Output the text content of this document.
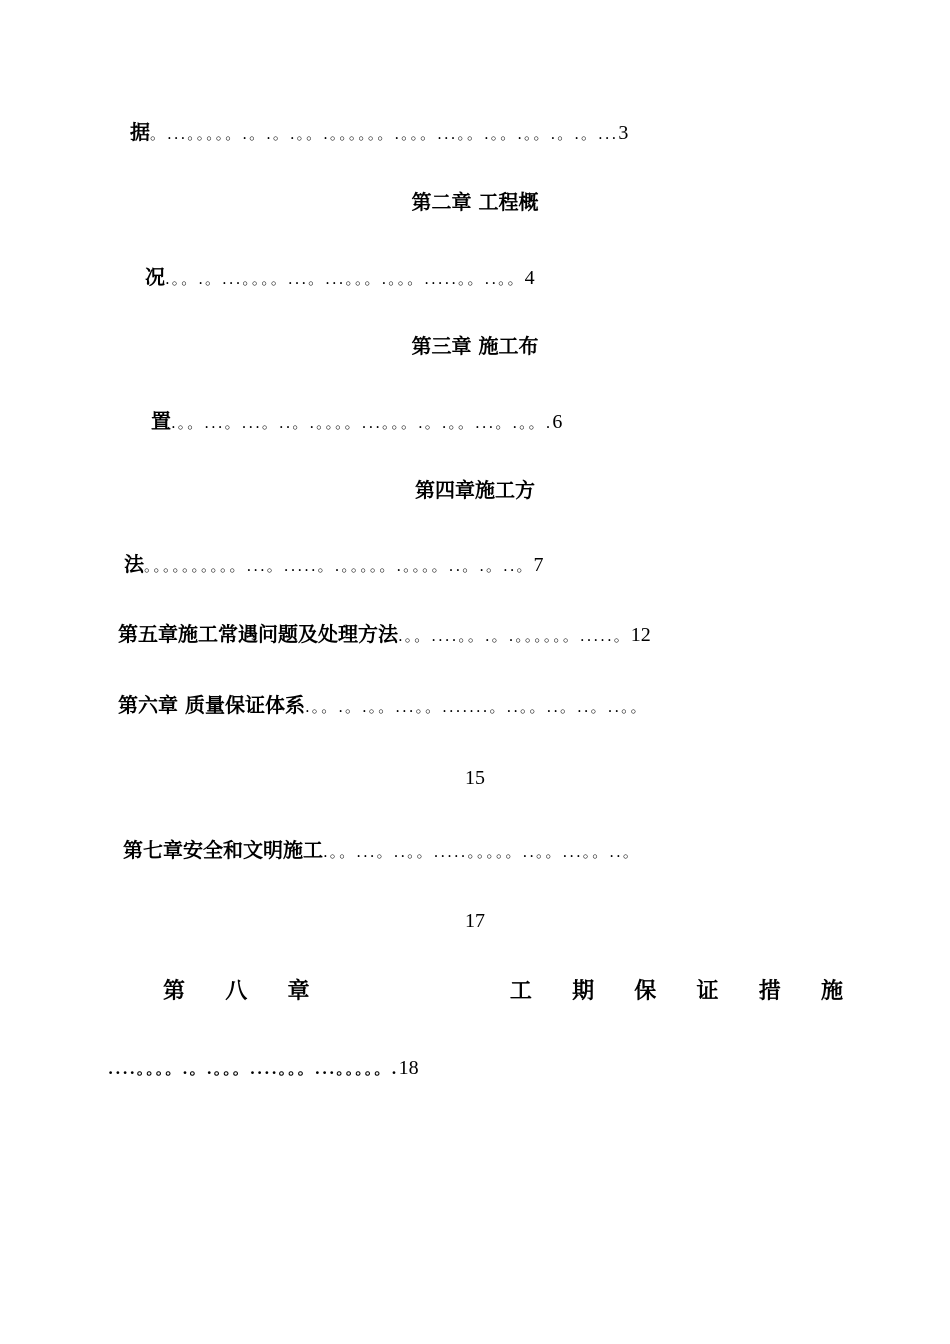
据。...。。。。。.。.。.。。.。。。。。。.。。。...。。.。。.。。.。.。...3
第二章 工程概
况.。。.。...。。。。...。...。。。.。。。.....。。..。。4
第三章 施工布
置.。。...。...。..。.。。。。...。。。.。.。。...。.。。.6
第四章施工方
法。。。。。。。。。。...。.....。.。。。。。.。。。。..。.。..。7
第五章施工常遇问题及处理方法.。。....。。.。.。。。。。。.....。12
第六章 质量保证体系.。。.。.。。...。。.......。..。。..。..。..。。
15
第七章安全和文明施工.。。...。..。。.....。。。。。..。。...。。..。
17
第 八 章	工 期 保 证 措 施
....。。。。.。.。。。....。。。...。。。。。.18
